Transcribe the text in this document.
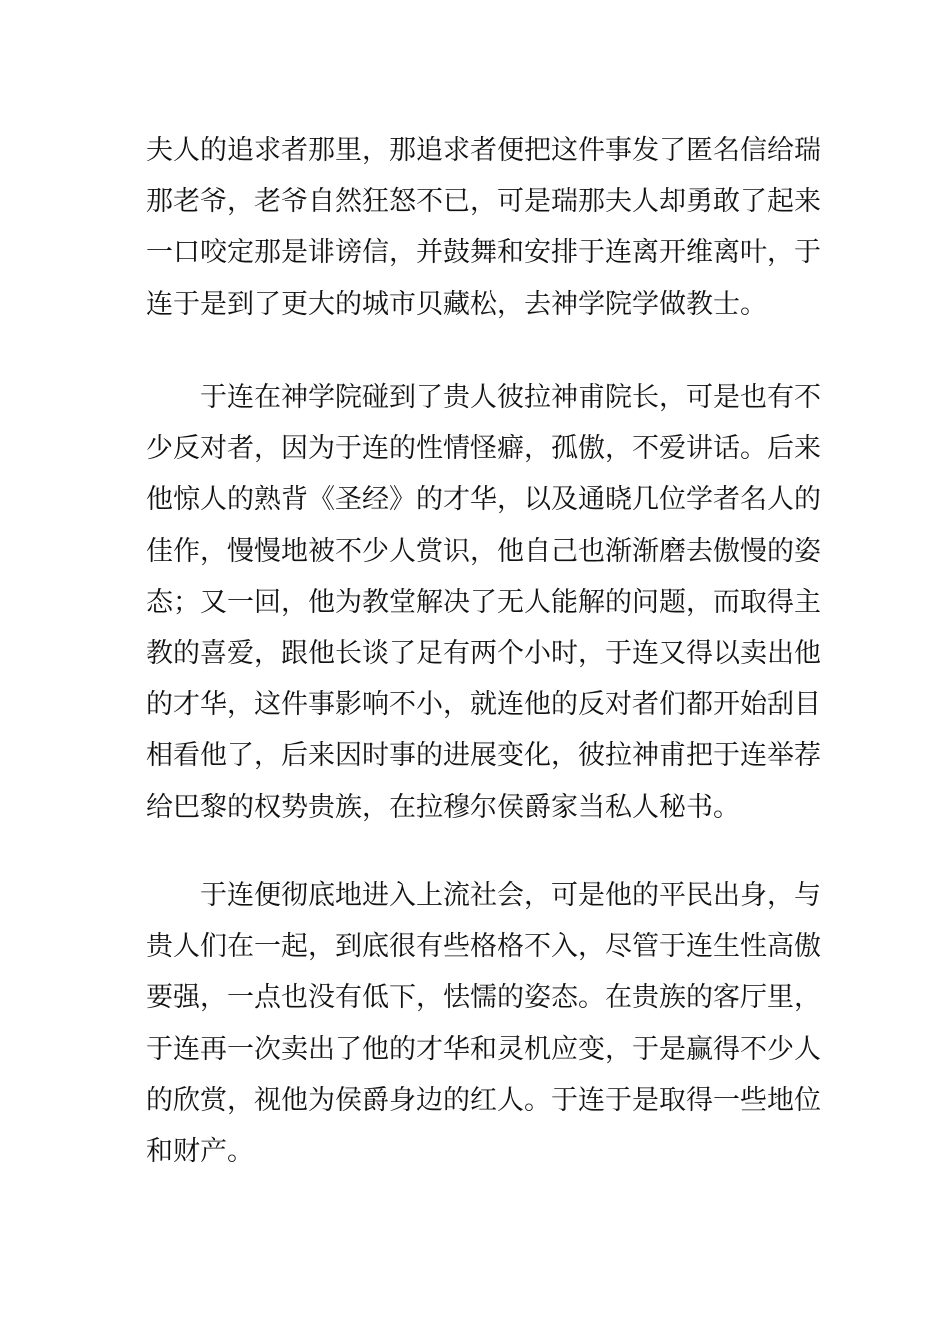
夫人的追求者那里，那追求者便把这件事发了匿名信给瑞
那老爷，老爷自然狂怒不已，可是瑞那夫人却勇敢了起来
一口咬定那是诽谤信，并鼓舞和安排于连离开维离叶，于
连于是到了更大的城市贝藏松，去神学院学做教士。
　　于连在神学院碰到了贵人彼拉神甫院长，可是也有不
少反对者，因为于连的性情怪癖，孤傲，不爱讲话。后来
他惊人的熟背《圣经》的才华，以及通晓几位学者名人的
佳作，慢慢地被不少人赏识，他自己也渐渐磨去傲慢的姿
态；又一回，他为教堂解决了无人能解的问题，而取得主
教的喜爱，跟他长谈了足有两个小时，于连又得以卖出他
的才华，这件事影响不小，就连他的反对者们都开始刮目
相看他了，后来因时事的进展变化，彼拉神甫把于连举荐
给巴黎的权势贵族，在拉穆尔侯爵家当私人秘书。
　　于连便彻底地进入上流社会，可是他的平民出身，与
贵人们在一起，到底很有些格格不入，尽管于连生性高傲
要强，一点也没有低下，怯懦的姿态。在贵族的客厅里，
于连再一次卖出了他的才华和灵机应变，于是赢得不少人
的欣赏，视他为侯爵身边的红人。于连于是取得一些地位
和财产。
